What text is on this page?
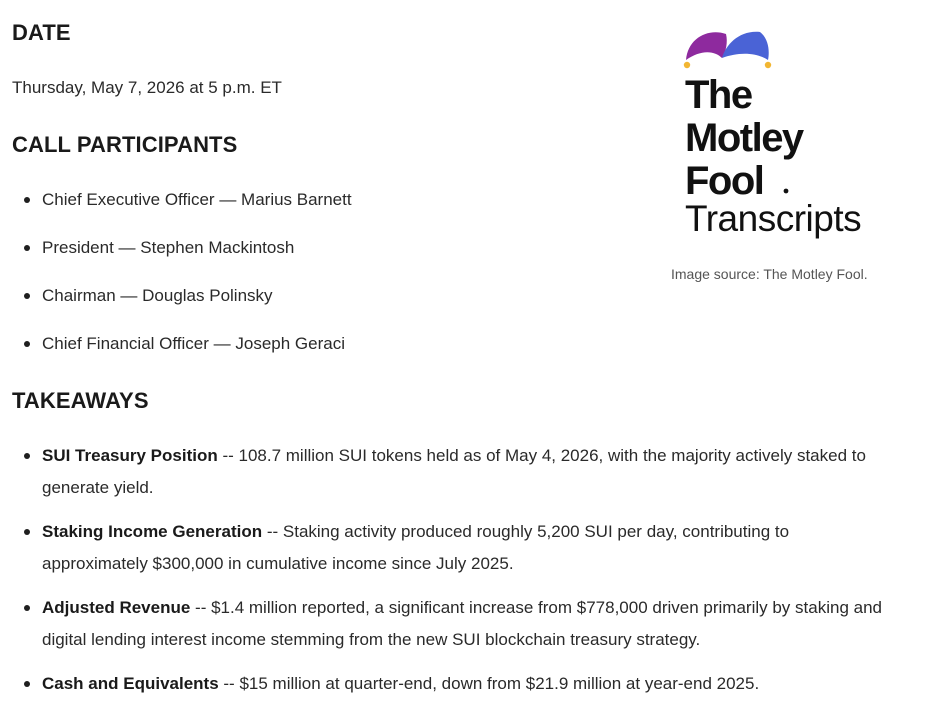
DATE
Thursday, May 7, 2026 at 5 p.m. ET
CALL PARTICIPANTS
Chief Executive Officer — Marius Barnett
President — Stephen Mackintosh
Chairman — Douglas Polinsky
Chief Financial Officer — Joseph Geraci
TAKEAWAYS
SUI Treasury Position -- 108.7 million SUI tokens held as of May 4, 2026, with the majority actively staked to generate yield.
Staking Income Generation -- Staking activity produced roughly 5,200 SUI per day, contributing to approximately $300,000 in cumulative income since July 2025.
Adjusted Revenue -- $1.4 million reported, a significant increase from $778,000 driven primarily by staking and digital lending interest income stemming from the new SUI blockchain treasury strategy.
Cash and Equivalents -- $15 million at quarter-end, down from $21.9 million at year-end 2025.
The
Motley
Fool
Transcripts
Image source: The Motley Fool.
